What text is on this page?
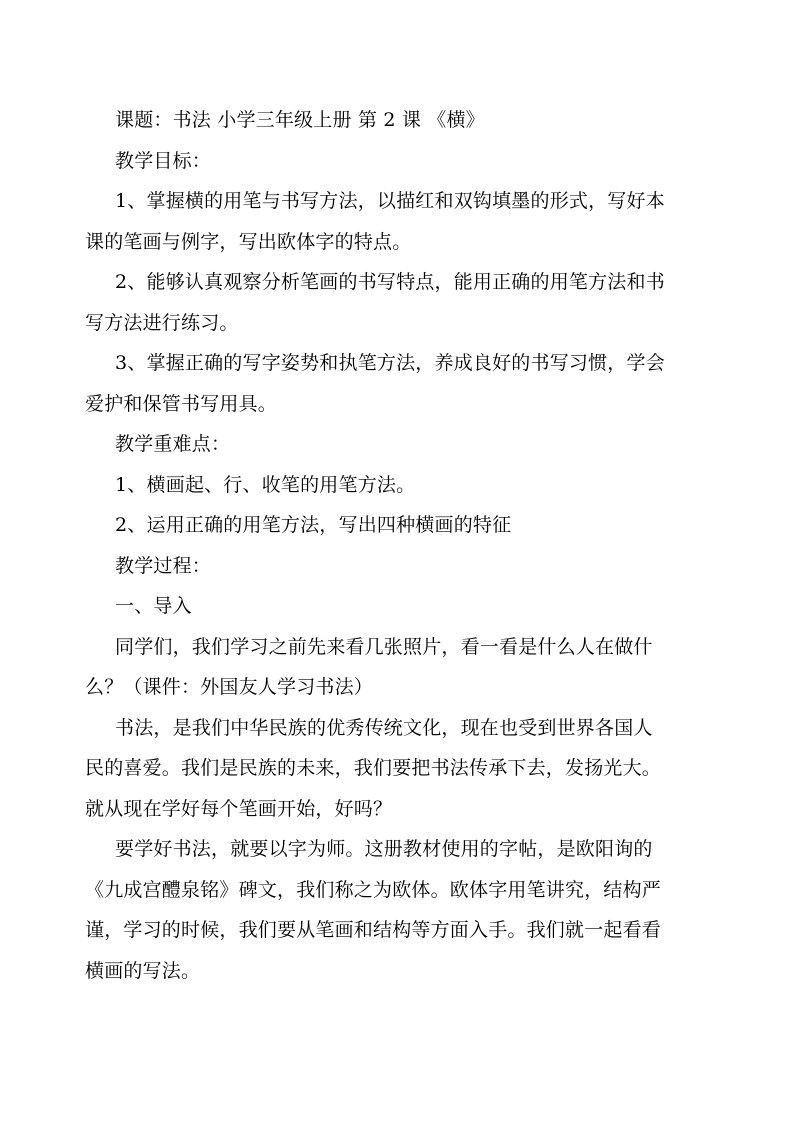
课题：书法 小学三年级上册 第 2 课 《横》

教学目标：

1、掌握横的用笔与书写方法，以描红和双钩填墨的形式，写好本

课的笔画与例字，写出欧体字的特点。

2、能够认真观察分析笔画的书写特点，能用正确的用笔方法和书

写方法进行练习。

3、掌握正确的写字姿势和执笔方法，养成良好的书写习惯，学会

爱护和保管书写用具。

教学重难点：

1、横画起、行、收笔的用笔方法。

2、运用正确的用笔方法，写出四种横画的特征

教学过程：

一、导入

同学们，我们学习之前先来看几张照片，看一看是什么人在做什

么？（课件：外国友人学习书法）

书法，是我们中华民族的优秀传统文化，现在也受到世界各国人

民的喜爱。我们是民族的未来，我们要把书法传承下去，发扬光大。

就从现在学好每个笔画开始，好吗？

要学好书法，就要以字为师。这册教材使用的字帖，是欧阳询的

《九成宫醴泉铭》碑文，我们称之为欧体。欧体字用笔讲究，结构严

谨，学习的时候，我们要从笔画和结构等方面入手。我们就一起看看

横画的写法。
